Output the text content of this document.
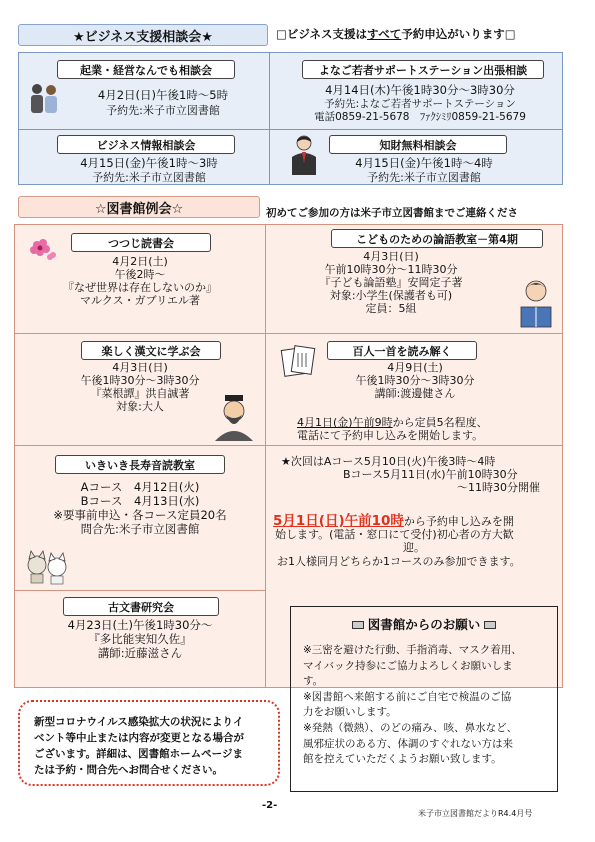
★ビジネス支援相談会★	□ビジネス支援はすべて予約申込がいります□
起業・経営なんでも相談会
4月2日(日)午後1時～5時
予約先:米子市立図書館
よなご若者サポートステーション出張相談
4月14日(木)午後1時30分～3時30分
予約先:よなご若者サポートステーション
電話0859-21-5678　ﾌｧｸｼﾐﾘ0859-21-5679
ビジネス情報相談会
4月15日(金)午後1時～3時
予約先:米子市立図書館
知財無料相談会
4月15日(金)午後1時～4時
予約先:米子市立図書館
☆図書館例会☆	初めてご参加の方は米子市立図書館までご連絡くださ
つつじ読書会
4月2日(土)
午後2時～
『なぜ世界は存在しないのか』
マルクス・ガブリエル著
こどものための論語教室－第4期
4月3日(日)
午前10時30分～11時30分
『子ども論語塾』安岡定子著
対象:小学生(保護者も可)
定員：5組
楽しく漢文に学ぶ会
4月3日(日)
午後1時30分～3時30分
『菜根譚』洪自誠著
対象:大人
百人一首を読み解く
4月9日(土)
午後1時30分～3時30分
講師:渡邊健さん
4月1日(金)午前9時から定員5名程度、
電話にて予約申し込みを開始します。
いきいき長寿音読教室
Aコース　4月12日(火)
Bコース　4月13日(水)
※要事前申込・各コース定員20名
問合先:米子市立図書館
★次回はAコース5月10日(火)午後3時～4時
Bコース5月11日(水)午前10時30分
～11時30分開催
5月1日(日)午前10時から予約申し込みを開
始します。(電話・窓口にて受付)初心者の方大歓
迎。
お1人様同月どちらか1コースのみ参加できます。
古文書研究会
4月23日(土)午後1時30分～
『多比能実知久佐』
講師:近藤滋さん
新型コロナウイルス感染拡大の状況によりイ
ベント等中止または内容が変更となる場合が
ございます。詳細は、図書館ホームページま
たは予約・問合先へお問合せください。
図書館からのお願い
※三密を避けた行動、手指消毒、マスク着用、
マイバック持参にご協力よろしくお願いしま
す。
※図書館へ来館する前にご自宅で検温のご協
力をお願いします。
※発熱（微熱）、のどの痛み、咳、鼻水など、
風邪症状のある方、体調のすぐれない方は来
館を控えていただくようお願い致します。
-2-
米子市立図書館だよりR4.4月号
